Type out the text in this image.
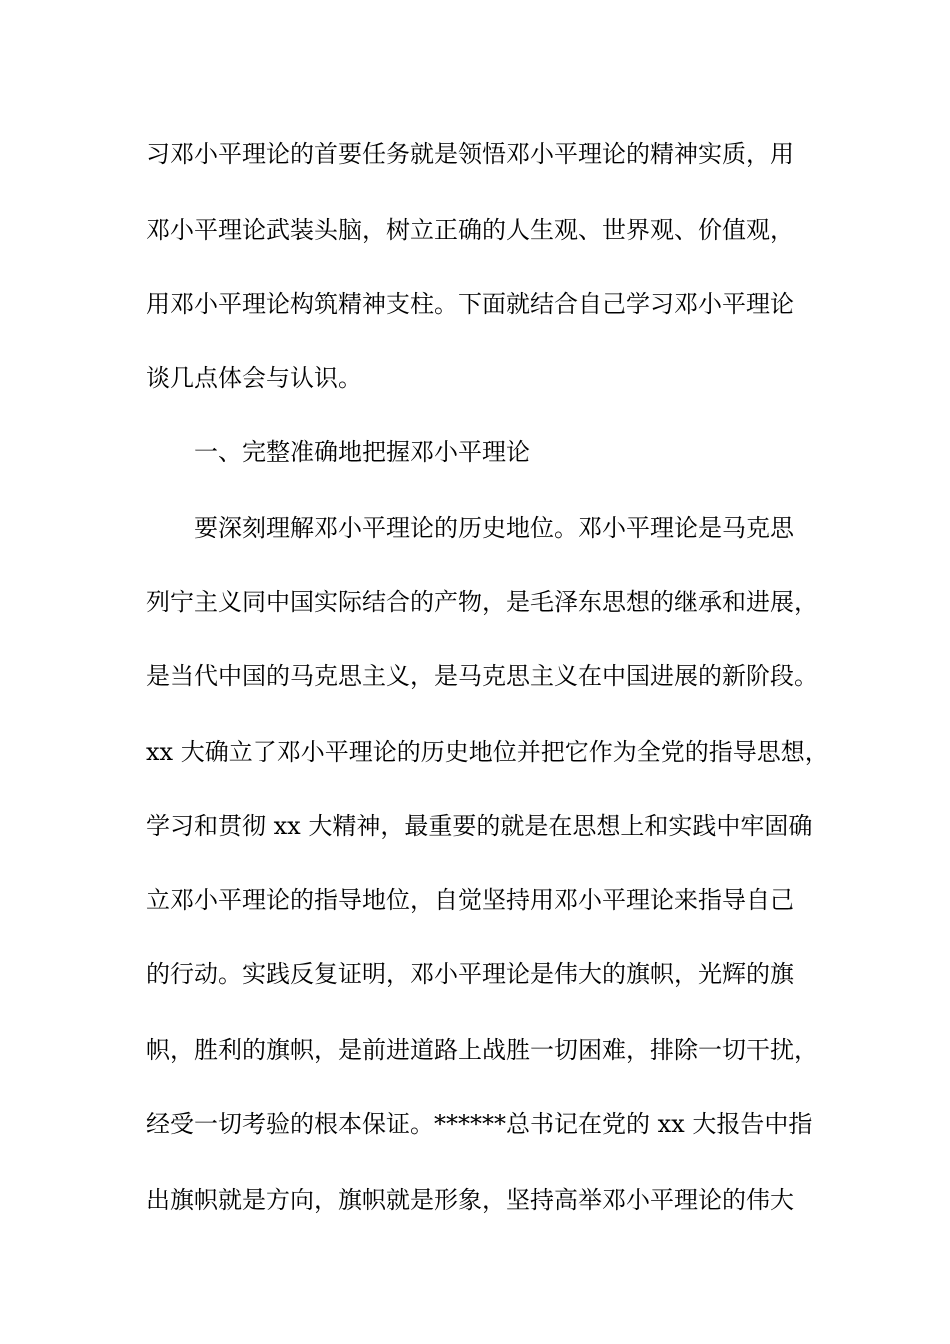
习邓小平理论的首要任务就是领悟邓小平理论的精神实质，用
邓小平理论武装头脑，树立正确的人生观、世界观、价值观，
用邓小平理论构筑精神支柱。下面就结合自己学习邓小平理论
谈几点体会与认识。
一、完整准确地把握邓小平理论
要深刻理解邓小平理论的历史地位。邓小平理论是马克思
列宁主义同中国实际结合的产物，是毛泽东思想的继承和进展，
是当代中国的马克思主义，是马克思主义在中国进展的新阶段。
xx 大确立了邓小平理论的历史地位并把它作为全党的指导思想，
学习和贯彻 xx 大精神，最重要的就是在思想上和实践中牢固确
立邓小平理论的指导地位，自觉坚持用邓小平理论来指导自己
的行动。实践反复证明，邓小平理论是伟大的旗帜，光辉的旗
帜，胜利的旗帜，是前进道路上战胜一切困难，排除一切干扰，
经受一切考验的根本保证。******总书记在党的 xx 大报告中指
出旗帜就是方向，旗帜就是形象，坚持高举邓小平理论的伟大
